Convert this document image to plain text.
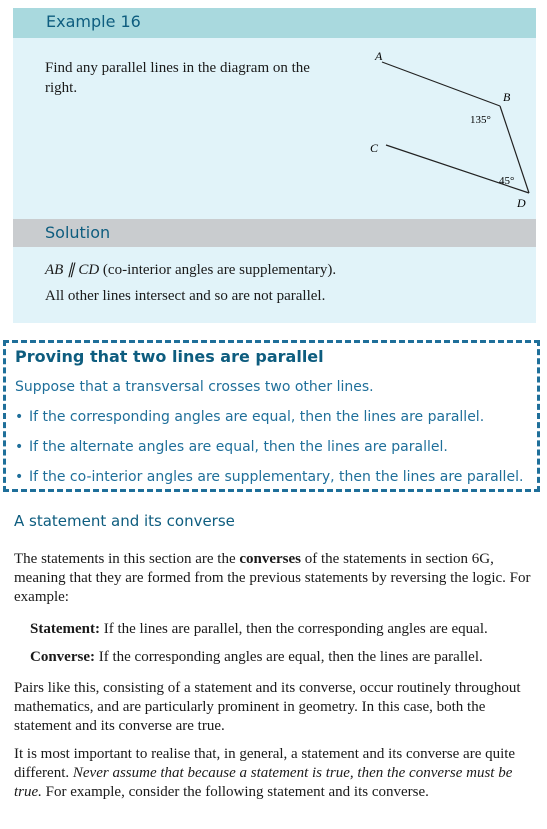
Example 16
Find any parallel lines in the diagram on the right.
A
B
C
D
135°
45°
Solution
AB ∥ CD (co-interior angles are supplementary).
All other lines intersect and so are not parallel.
Proving that two lines are parallel
Suppose that a transversal crosses two other lines.
• If the corresponding angles are equal, then the lines are parallel.
• If the alternate angles are equal, then the lines are parallel.
• If the co-interior angles are supplementary, then the lines are parallel.
A statement and its converse
The statements in this section are the converses of the statements in section 6G, meaning that they are formed from the previous statements by reversing the logic. For example:
Statement: If the lines are parallel, then the corresponding angles are equal.
Converse: If the corresponding angles are equal, then the lines are parallel.
Pairs like this, consisting of a statement and its converse, occur routinely throughout mathematics, and are particularly prominent in geometry. In this case, both the statement and its converse are true.
It is most important to realise that, in general, a statement and its converse are quite different. Never assume that because a statement is true, then the converse must be true. For example, consider the following statement and its converse.
